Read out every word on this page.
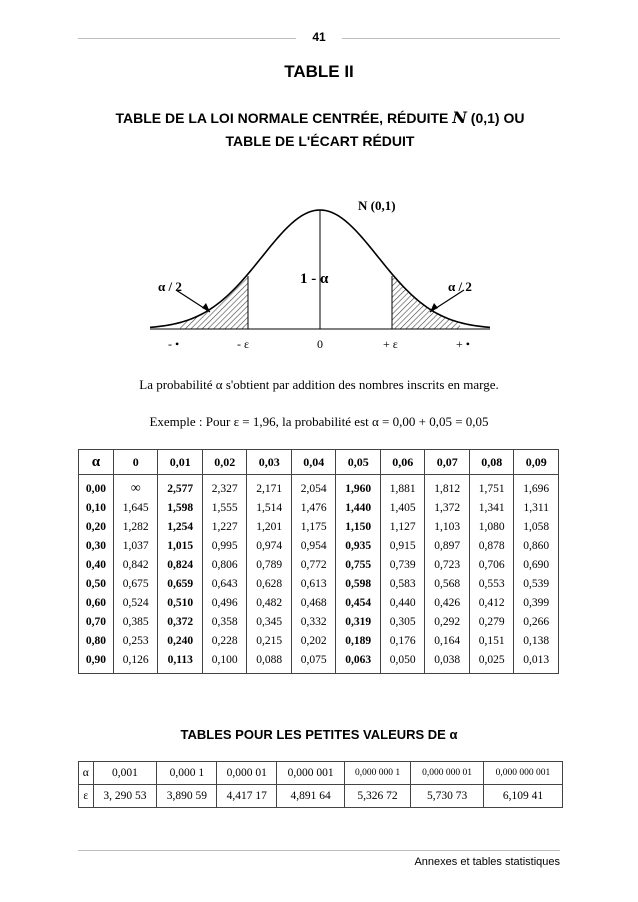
41
TABLE II
TABLE DE LA LOI NORMALE CENTRÉE, RÉDUITE N (0,1) OU
TABLE DE L'ÉCART RÉDUIT
N (0,1)
1 - α
α / 2	α / 2
- •	- ε	0	+ ε	+ •
La probabilité α s'obtient par addition des nombres inscrits en marge.
Exemple : Pour ε = 1,96, la probabilité est α = 0,00 + 0,05 = 0,05
α	0	0,01	0,02	0,03	0,04	0,05	0,06	0,07	0,08	0,09
0,00	∞	2,577	2,327	2,171	2,054	1,960	1,881	1,812	1,751	1,696
0,10	1,645	1,598	1,555	1,514	1,476	1,440	1,405	1,372	1,341	1,311
0,20	1,282	1,254	1,227	1,201	1,175	1,150	1,127	1,103	1,080	1,058
0,30	1,037	1,015	0,995	0,974	0,954	0,935	0,915	0,897	0,878	0,860
0,40	0,842	0,824	0,806	0,789	0,772	0,755	0,739	0,723	0,706	0,690
0,50	0,675	0,659	0,643	0,628	0,613	0,598	0,583	0,568	0,553	0,539
0,60	0,524	0,510	0,496	0,482	0,468	0,454	0,440	0,426	0,412	0,399
0,70	0,385	0,372	0,358	0,345	0,332	0,319	0,305	0,292	0,279	0,266
0,80	0,253	0,240	0,228	0,215	0,202	0,189	0,176	0,164	0,151	0,138
0,90	0,126	0,113	0,100	0,088	0,075	0,063	0,050	0,038	0,025	0,013
TABLES POUR LES PETITES VALEURS DE α
α	0,001	0,000 1	0,000 01	0,000 001	0,000 000 1	0,000 000 01	0,000 000 001
ε	3, 290 53	3,890 59	4,417 17	4,891 64	5,326 72	5,730 73	6,109 41
Annexes et tables statistiques
